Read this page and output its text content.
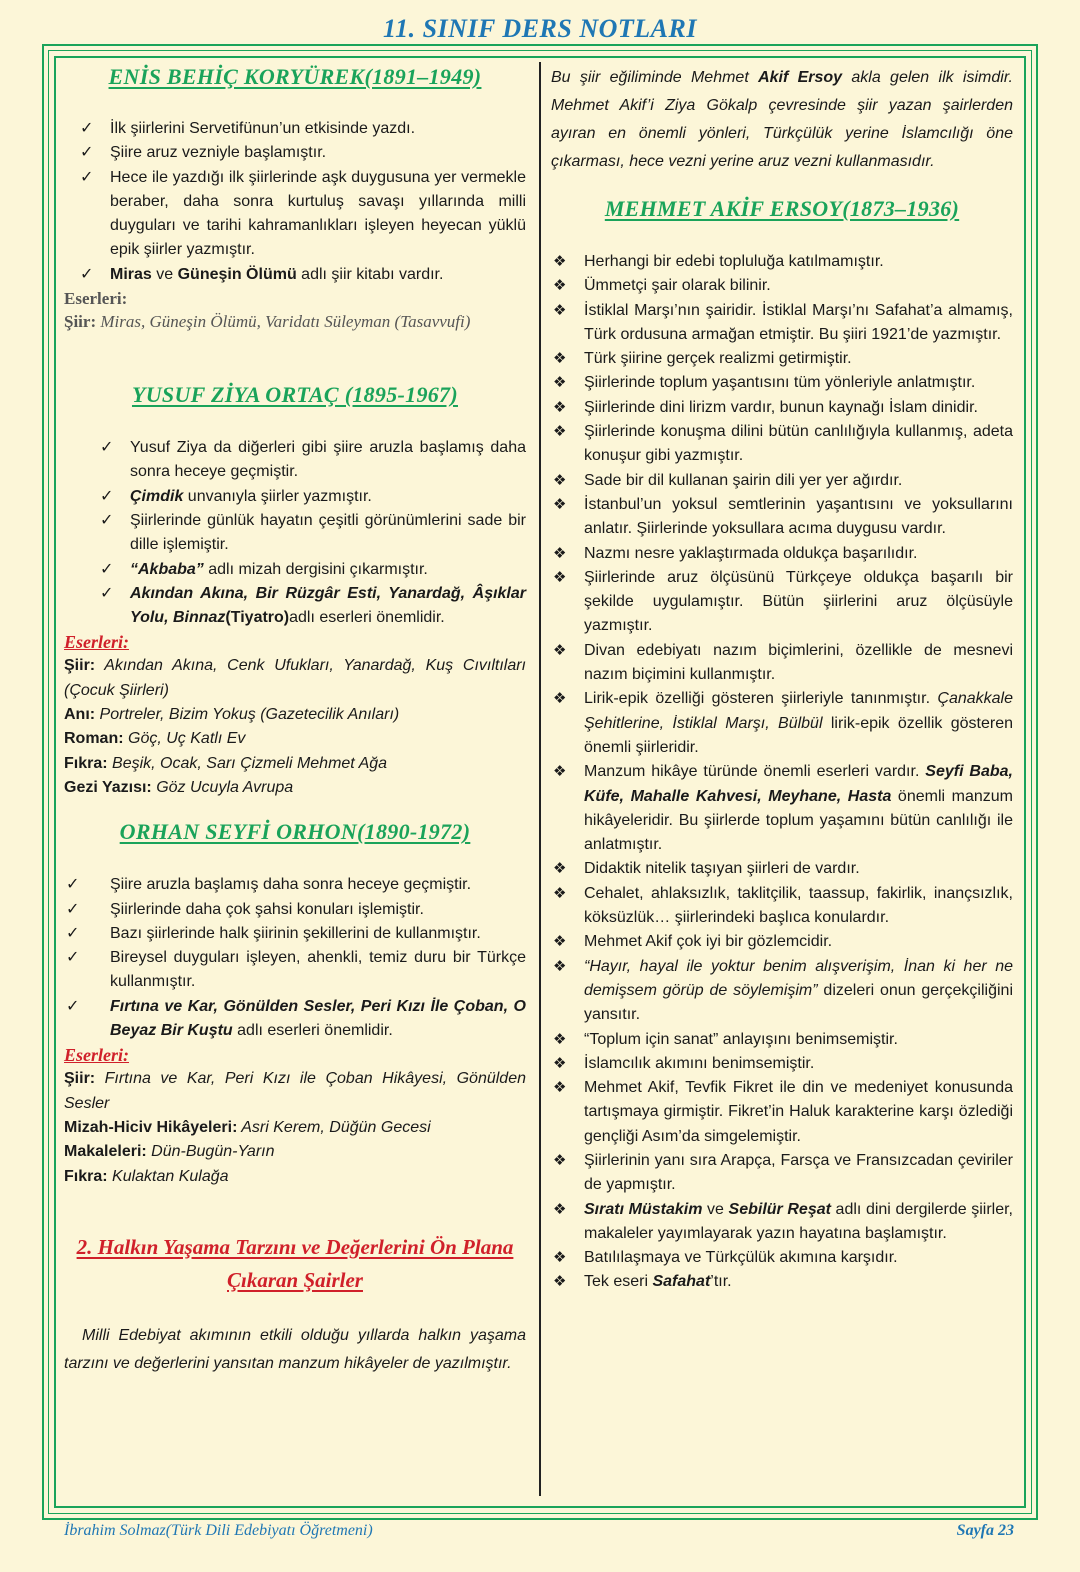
11. SINIF DERS NOTLARI
ENİS BEHİÇ KORYÜREK(1891–1949)
✓ İlk şiirlerini Servetifünun’un etkisinde yazdı.
✓ Şiire aruz vezniyle başlamıştır.
✓ Hece ile yazdığı ilk şiirlerinde aşk duygusuna yer vermekle beraber, daha sonra kurtuluş savaşı yıllarında milli duyguları ve tarihi kahramanlıkları işleyen heyecan yüklü epik şiirler yazmıştır.
✓ Miras ve Güneşin Ölümü adlı şiir kitabı vardır.
Eserleri:
Şiir: Miras, Güneşin Ölümü, Varidatı Süleyman (Tasavvufi)
YUSUF ZİYA ORTAÇ (1895-1967)
✓ Yusuf Ziya da diğerleri gibi şiire aruzla başlamış daha sonra heceye geçmiştir.
✓ Çimdik unvanıyla şiirler yazmıştır.
✓ Şiirlerinde günlük hayatın çeşitli görünümlerini sade bir dille işlemiştir.
✓ “Akbaba” adlı mizah dergisini çıkarmıştır.
✓ Akından Akına, Bir Rüzgâr Esti, Yanardağ, Âşıklar Yolu, Binnaz(Tiyatro)adlı eserleri önemlidir.
Eserleri:
Şiir: Akından Akına, Cenk Ufukları, Yanardağ, Kuş Cıvıltıları (Çocuk Şiirleri)
Anı: Portreler, Bizim Yokuş (Gazetecilik Anıları)
Roman: Göç, Uç Katlı Ev
Fıkra: Beşik, Ocak, Sarı Çizmeli Mehmet Ağa
Gezi Yazısı: Göz Ucuyla Avrupa
ORHAN SEYFİ ORHON(1890-1972)
✓ Şiire aruzla başlamış daha sonra heceye geçmiştir.
✓ Şiirlerinde daha çok şahsi konuları işlemiştir.
✓ Bazı şiirlerinde halk şiirinin şekillerini de kullanmıştır.
✓ Bireysel duyguları işleyen, ahenkli, temiz duru bir Türkçe kullanmıştır.
✓ Fırtına ve Kar, Gönülden Sesler, Peri Kızı İle Çoban, O Beyaz Bir Kuştu adlı eserleri önemlidir.
Eserleri:
Şiir: Fırtına ve Kar, Peri Kızı ile Çoban Hikâyesi, Gönülden Sesler
Mizah-Hiciv Hikâyeleri: Asri Kerem, Düğün Gecesi
Makaleleri: Dün-Bugün-Yarın
Fıkra: Kulaktan Kulağa
2. Halkın Yaşama Tarzını ve Değerlerini Ön Plana
Çıkaran Şairler
Milli Edebiyat akımının etkili olduğu yıllarda halkın yaşama tarzını ve değerlerini yansıtan manzum hikâyeler de yazılmıştır.
Bu şiir eğiliminde Mehmet Akif Ersoy akla gelen ilk isimdir. Mehmet Akif’i Ziya Gökalp çevresinde şiir yazan şairlerden ayıran en önemli yönleri, Türkçülük yerine İslamcılığı öne çıkarması, hece vezni yerine aruz vezni kullanmasıdır.
MEHMET AKİF ERSOY(1873–1936)
❖ Herhangi bir edebi topluluğa katılmamıştır.
❖ Ümmetçi şair olarak bilinir.
❖ İstiklal Marşı’nın şairidir. İstiklal Marşı’nı Safahat’a almamış, Türk ordusuna armağan etmiştir. Bu şiiri 1921’de yazmıştır.
❖ Türk şiirine gerçek realizmi getirmiştir.
❖ Şiirlerinde toplum yaşantısını tüm yönleriyle anlatmıştır.
❖ Şiirlerinde dini lirizm vardır, bunun kaynağı İslam dinidir.
❖ Şiirlerinde konuşma dilini bütün canlılığıyla kullanmış, adeta konuşur gibi yazmıştır.
❖ Sade bir dil kullanan şairin dili yer yer ağırdır.
❖ İstanbul’un yoksul semtlerinin yaşantısını ve yoksullarını anlatır. Şiirlerinde yoksullara acıma duygusu vardır.
❖ Nazmı nesre yaklaştırmada oldukça başarılıdır.
❖ Şiirlerinde aruz ölçüsünü Türkçeye oldukça başarılı bir şekilde uygulamıştır. Bütün şiirlerini aruz ölçüsüyle yazmıştır.
❖ Divan edebiyatı nazım biçimlerini, özellikle de mesnevi nazım biçimini kullanmıştır.
❖ Lirik-epik özelliği gösteren şiirleriyle tanınmıştır. Çanakkale Şehitlerine, İstiklal Marşı, Bülbül lirik-epik özellik gösteren önemli şiirleridir.
❖ Manzum hikâye türünde önemli eserleri vardır. Seyfi Baba, Küfe, Mahalle Kahvesi, Meyhane, Hasta önemli manzum hikâyeleridir. Bu şiirlerde toplum yaşamını bütün canlılığı ile anlatmıştır.
❖ Didaktik nitelik taşıyan şiirleri de vardır.
❖ Cehalet, ahlaksızlık, taklitçilik, taassup, fakirlik, inançsızlık, köksüzlük… şiirlerindeki başlıca konulardır.
❖ Mehmet Akif çok iyi bir gözlemcidir.
❖ “Hayır, hayal ile yoktur benim alışverişim, İnan ki her ne demişsem görüp de söylemişim” dizeleri onun gerçekçiliğini yansıtır.
❖ “Toplum için sanat” anlayışını benimsemiştir.
❖ İslamcılık akımını benimsemiştir.
❖ Mehmet Akif, Tevfik Fikret ile din ve medeniyet konusunda tartışmaya girmiştir. Fikret’in Haluk karakterine karşı özlediği gençliği Asım’da simgelemiştir.
❖ Şiirlerinin yanı sıra Arapça, Farsça ve Fransızcadan çeviriler de yapmıştır.
❖ Sıratı Müstakim ve Sebilür Reşat adlı dini dergilerde şiirler, makaleler yayımlayarak yazın hayatına başlamıştır.
❖ Batılılaşmaya ve Türkçülük akımına karşıdır.
❖ Tek eseri Safahat’tır.
İbrahim Solmaz(Türk Dili Edebiyatı Öğretmeni)	Sayfa 23
